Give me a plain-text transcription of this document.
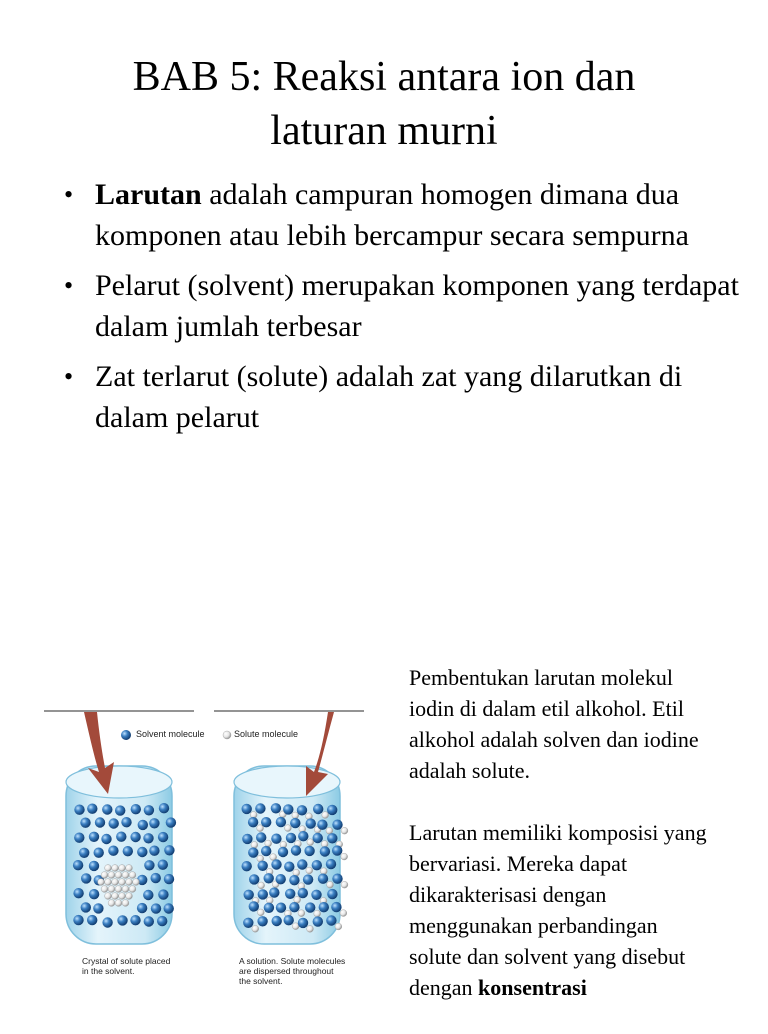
BAB 5: Reaksi antara ion dan
laturan murni
• Larutan adalah campuran homogen dimana dua komponen atau lebih bercampur secara sempurna
• Pelarut (solvent) merupakan komponen yang terdapat dalam jumlah terbesar
• Zat terlarut (solute) adalah zat yang dilarutkan di dalam pelarut
Solvent molecule	Solute molecule
Crystal of solute placed
in the solvent.
A solution. Solute molecules
are dispersed throughout
the solvent.

Pembentukan larutan molekul iodin di dalam etil alkohol. Etil alkohol adalah solven dan iodine adalah solute.

Larutan memiliki komposisi yang bervariasi. Mereka dapat dikarakterisasi dengan menggunakan perbandingan solute dan solvent yang disebut dengan konsentrasi
